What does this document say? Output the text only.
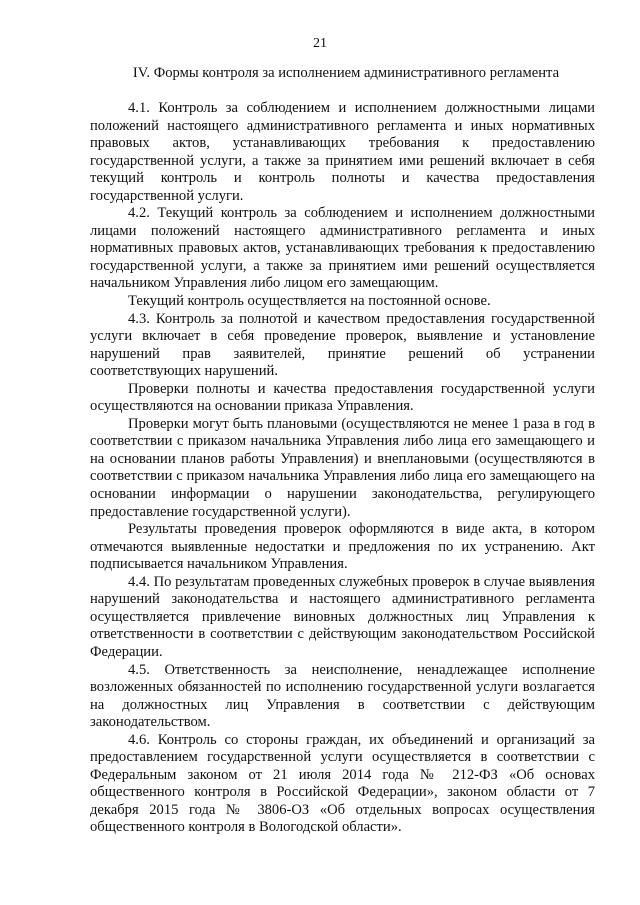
21
IV. Формы контроля за исполнением административного регламента

4.1. Контроль за соблюдением и исполнением должностными лицами положений настоящего административного регламента и иных нормативных правовых актов, устанавливающих требования к предоставлению государственной услуги, а также за принятием ими решений включает в себя текущий контроль и контроль полноты и качества предоставления государственной услуги.

4.2. Текущий контроль за соблюдением и исполнением должностными лицами положений настоящего административного регламента и иных нормативных правовых актов, устанавливающих требования к предоставлению государственной услуги, а также за принятием ими решений осуществляется начальником Управления либо лицом его замещающим.

Текущий контроль осуществляется на постоянной основе.

4.3. Контроль за полнотой и качеством предоставления государственной услуги включает в себя проведение проверок, выявление и установление нарушений прав заявителей, принятие решений об устранении соответствующих нарушений.

Проверки полноты и качества предоставления государственной услуги осуществляются на основании приказа Управления.

Проверки могут быть плановыми (осуществляются не менее 1 раза в год в соответствии с приказом начальника Управления либо лица его замещающего и на основании планов работы Управления) и внеплановыми (осуществляются в соответствии с приказом начальника Управления либо лица его замещающего на основании информации о нарушении законодательства, регулирующего предоставление государственной услуги).

Результаты проведения проверок оформляются в виде акта, в котором отмечаются выявленные недостатки и предложения по их устранению. Акт подписывается начальником Управления.

4.4. По результатам проведенных служебных проверок в случае выявления нарушений законодательства и настоящего административного регламента осуществляется привлечение виновных должностных лиц Управления к ответственности в соответствии с действующим законодательством Российской Федерации.

4.5. Ответственность за неисполнение, ненадлежащее исполнение возложенных обязанностей по исполнению государственной услуги возлагается на должностных лиц Управления в соответствии с действующим законодательством.

4.6. Контроль со стороны граждан, их объединений и организаций за предоставлением государственной услуги осуществляется в соответствии с Федеральным законом от 21 июля 2014 года № 212-ФЗ «Об основах общественного контроля в Российской Федерации», законом области от 7 декабря 2015 года № 3806-ОЗ «Об отдельных вопросах осуществления общественного контроля в Вологодской области».
